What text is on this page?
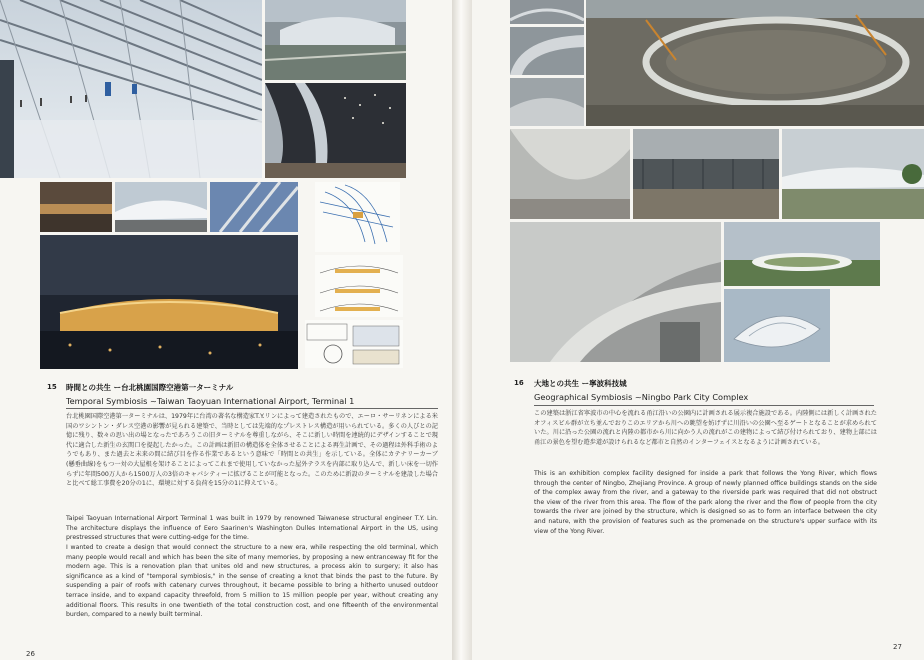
15 時間との共生 ー台北桃園国際空港第一ターミナル
Temporal Symbiosis ~Taiwan Taoyuan International Airport, Terminal 1

台北桃園国際空港第一ターミナルは、1979年に台湾の著名な構造家T.Y.リンによって建造されたもので、エーロ・サーリネンによる米国のワシントン・ダレス空港の影響が見られる建築で、当時としては先端的なプレストレス構造が用いられている。多くの人びとの記憶に残り、数々の思い出の場となったであろうこの旧ターミナルを尊重しながら、そこに新しい時間を連続的にデザインすることで現代に適合した新生の玄関口を提起したかった。この計画は新旧の構造体を全体させることによる再生計画で、その過程は外科手術のようでもあり、また過去と未来の間に結び目を作る作業であるという意味で「時間との共生」を示している。全体にカテナリーカーブ(懸垂曲線)をもつ一対の大屋根を架けることによってこれまで使用していなかった屋外テラスを内部に取り込んで、新しい床を一切作らずに年間500万人から1500万人の3倍のキャパシティーに拡げることが可能となった。このために新設のターミナルを建設した場合と比べて総工事費を20分の1に、環境に対する負荷を15分の1に抑えている。

Taipei Taoyuan International Airport Terminal 1 was built in 1979 by renowned Taiwanese structural engineer T.Y. Lin. The architecture displays the influence of Eero Saarinen's Washington Dulles International Airport in the US, using prestressed structures that were cutting-edge for the time.

I wanted to create a design that would connect the structure to a new era, while respecting the old terminal, which many people would recall and which has been the site of many memories, by proposing a new entranceway fit for the modern age. This is a renovation plan that unites old and new structures, a process akin to surgery; it also has significance as a kind of "temporal symbiosis," in the sense of creating a knot that binds the past to the future. By suspending a pair of roofs with catenary curves throughout, it became possible to bring a hitherto unused outdoor terrace inside, and to expand capacity threefold, from 5 million to 15 million people per year, without creating any additional floors. This results in one twentieth of the total construction cost, and one fifteenth of the environmental burden, compared to a newly built terminal.

26
16 大地との共生 ー寧波科技城
Geographical Symbiosis ~Ningbo Park City Complex

この建築は浙江省寧波市の中心を流れる甬江沿いの公園内に計画される展示複合施設である。内陸側には新しく計画されたオフィスビル群が立ち並んでおりこのエリアから川への眺望を妨げずに川沿いの公園へ至るゲートとなることが求められていた。川に沿った公園の流れと内陸の都市から川に向かう人の流れがこの建物によって結び付けられており、建物上部には甬江の景色を望む遊歩道が設けられるなど都市と自然のインターフェイスとなるように計画されている。

This is an exhibition complex facility designed for inside a park that follows the Yong River, which flows through the center of Ningbo, Zhejiang Province. A group of newly planned office buildings stands on the side of the complex away from the river, and a gateway to the riverside park was required that did not obstruct the view of the river from this area. The flow of the park along the river and the flow of people from the city towards the river are joined by the structure, which is designed so as to form an interface between the city and nature, with the provision of features such as the promenade on the structure's upper surface with its view of the Yong River.

27
